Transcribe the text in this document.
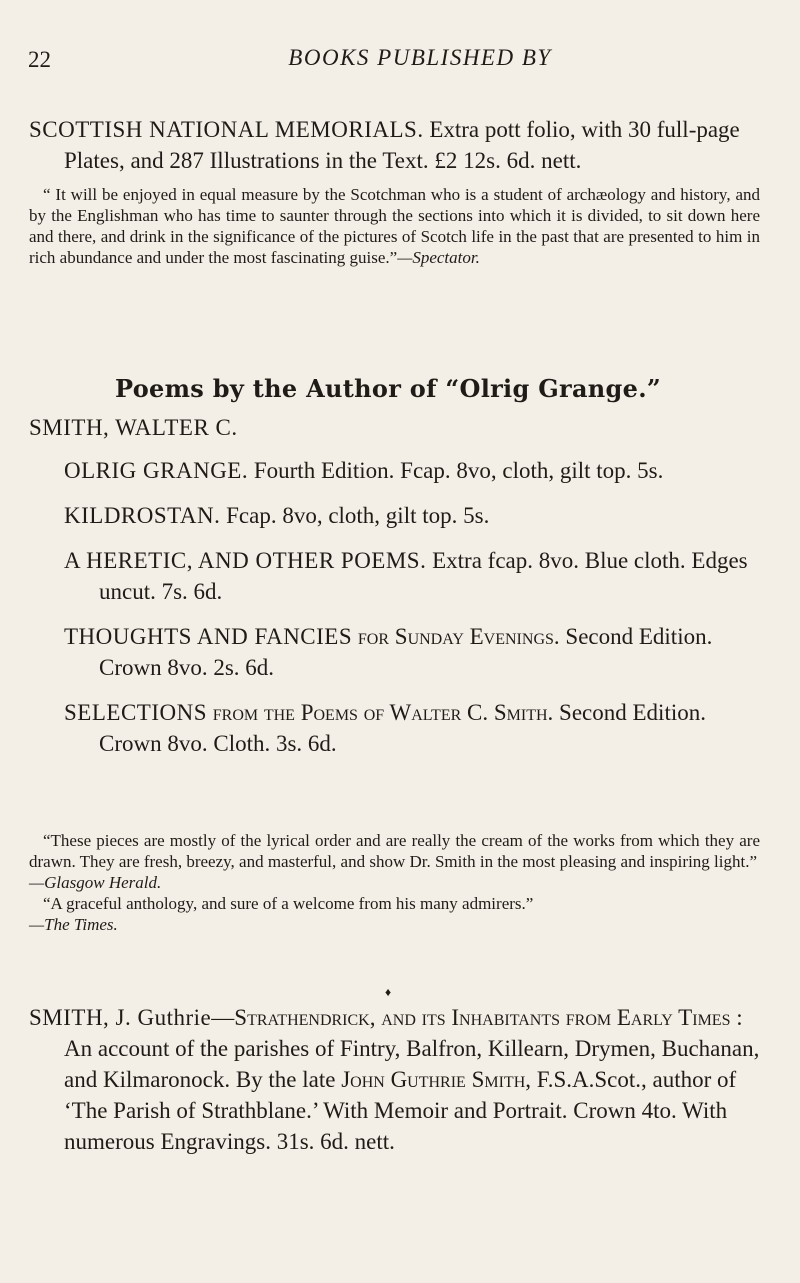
22	BOOKS PUBLISHED BY

SCOTTISH NATIONAL MEMORIALS. Extra pott folio, with 30 full-page Plates, and 287 Illustrations in the Text. £2 12s. 6d. nett.

“ It will be enjoyed in equal measure by the Scotchman who is a student of archæology and history, and by the Englishman who has time to saunter through the sections into which it is divided, to sit down here and there, and drink in the significance of the pictures of Scotch life in the past that are presented to him in rich abundance and under the most fascinating guise.”—Spectator.

Poems by the Author of “Olrig Grange.”
SMITH, WALTER C.

OLRIG GRANGE. Fourth Edition. Fcap. 8vo, cloth, gilt top. 5s.

KILDROSTAN. Fcap. 8vo, cloth, gilt top. 5s.

A HERETIC, AND OTHER POEMS. Extra fcap. 8vo. Blue cloth. Edges uncut. 7s. 6d.

THOUGHTS AND FANCIES for Sunday Evenings. Second Edition. Crown 8vo. 2s. 6d.

SELECTIONS from the Poems of Walter C. Smith. Second Edition. Crown 8vo. Cloth. 3s. 6d.

“These pieces are mostly of the lyrical order and are really the cream of the works from which they are drawn. They are fresh, breezy, and masterful, and show Dr. Smith in the most pleasing and inspiring light.”
—Glasgow Herald.

“A graceful anthology, and sure of a welcome from his many admirers.”
—The Times.

♦

SMITH, J. Guthrie—Strathendrick, and its Inhabitants from Early Times : An account of the parishes of Fintry, Balfron, Killearn, Drymen, Buchanan, and Kilmaronock. By the late John Guthrie Smith, F.S.A.Scot., author of ‘The Parish of Strathblane.’ With Memoir and Portrait. Crown 4to. With numerous Engravings. 31s. 6d. nett.
